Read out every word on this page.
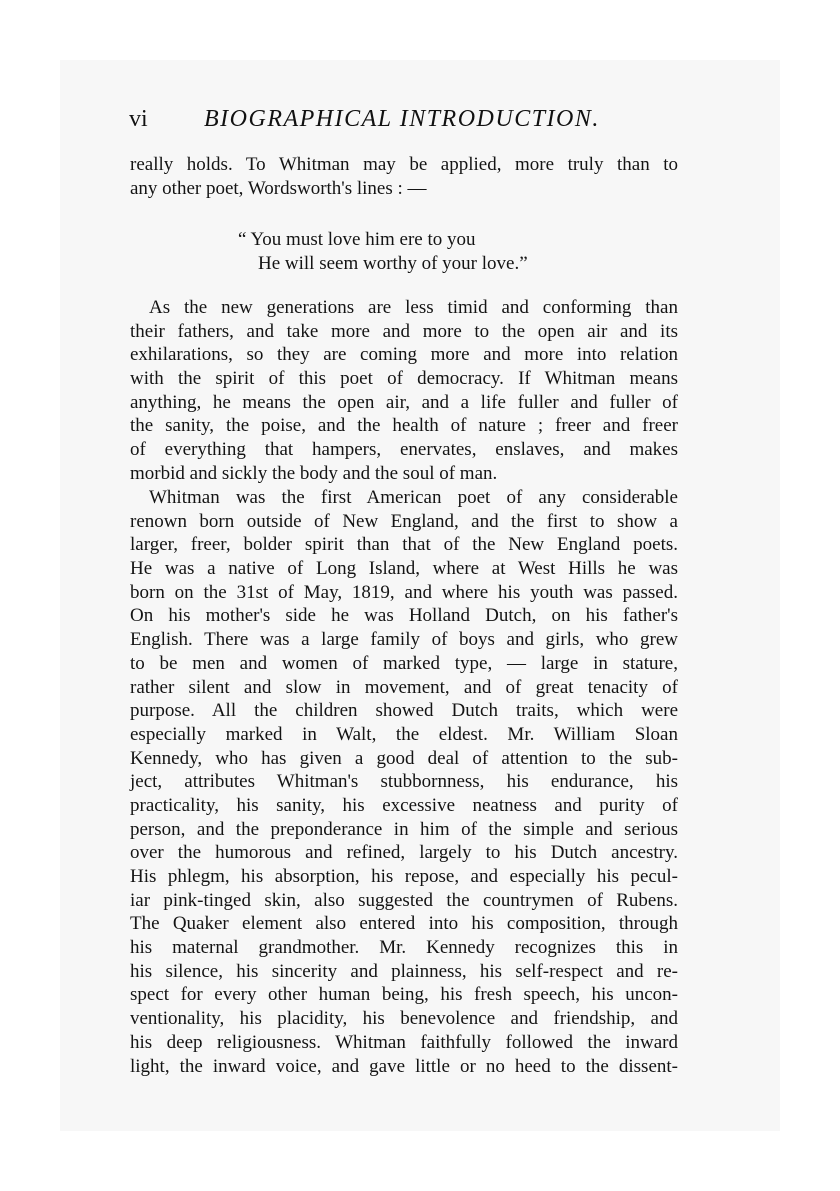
vi BIOGRAPHICAL INTRODUCTION.
really holds. To Whitman may be applied, more truly than to
any other poet, Wordsworth's lines : —
“ You must love him ere to you
He will seem worthy of your love.”
As the new generations are less timid and conforming than
their fathers, and take more and more to the open air and its
exhilarations, so they are coming more and more into relation
with the spirit of this poet of democracy. If Whitman means
anything, he means the open air, and a life fuller and fuller of
the sanity, the poise, and the health of nature ; freer and freer
of everything that hampers, enervates, enslaves, and makes
morbid and sickly the body and the soul of man.
Whitman was the first American poet of any considerable
renown born outside of New England, and the first to show a
larger, freer, bolder spirit than that of the New England poets.
He was a native of Long Island, where at West Hills he was
born on the 31st of May, 1819, and where his youth was passed.
On his mother's side he was Holland Dutch, on his father's
English. There was a large family of boys and girls, who grew
to be men and women of marked type, — large in stature,
rather silent and slow in movement, and of great tenacity of
purpose. All the children showed Dutch traits, which were
especially marked in Walt, the eldest. Mr. William Sloan
Kennedy, who has given a good deal of attention to the sub-
ject, attributes Whitman's stubbornness, his endurance, his
practicality, his sanity, his excessive neatness and purity of
person, and the preponderance in him of the simple and serious
over the humorous and refined, largely to his Dutch ancestry.
His phlegm, his absorption, his repose, and especially his pecul-
iar pink-tinged skin, also suggested the countrymen of Rubens.
The Quaker element also entered into his composition, through
his maternal grandmother. Mr. Kennedy recognizes this in
his silence, his sincerity and plainness, his self-respect and re-
spect for every other human being, his fresh speech, his uncon-
ventionality, his placidity, his benevolence and friendship, and
his deep religiousness. Whitman faithfully followed the inward
light, the inward voice, and gave little or no heed to the dissent-
